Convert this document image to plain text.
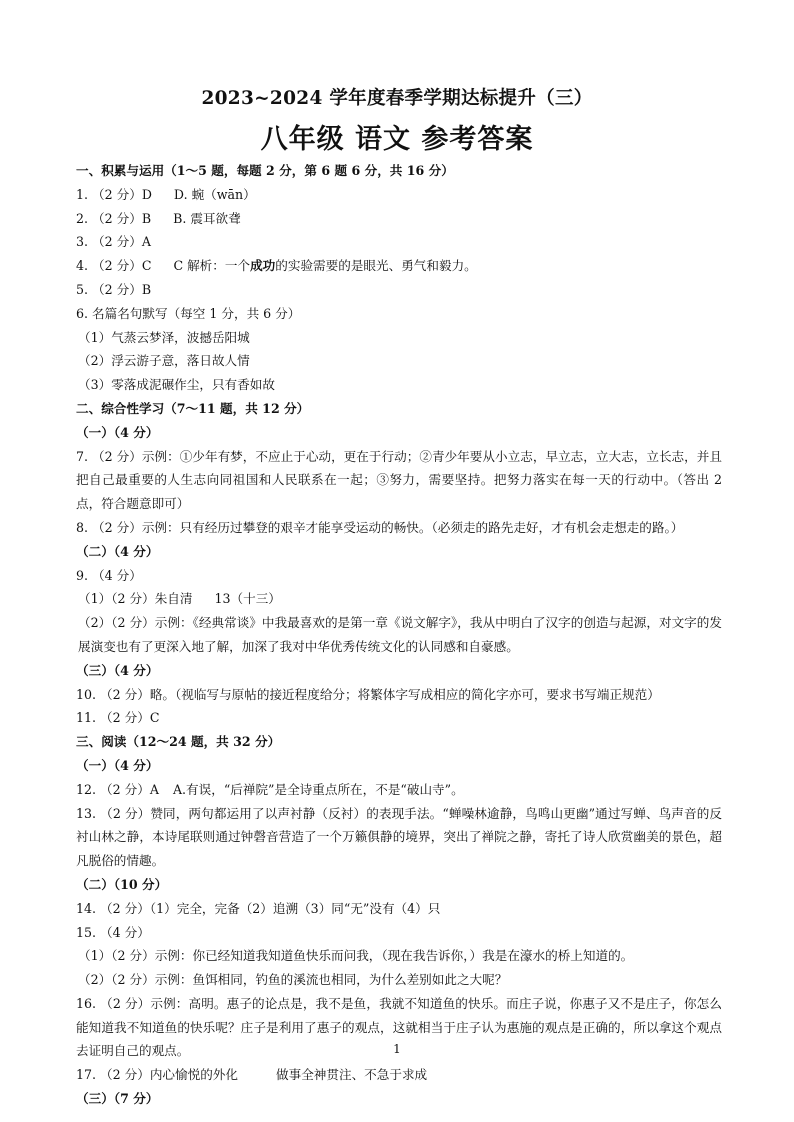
2023~2024 学年度春季学期达标提升（三）
八年级 语文 参考答案
一、积累与运用（1～5 题，每题 2 分，第 6 题 6 分，共 16 分）
1. （2 分）D D. 蜿（wān）
2. （2 分）B B. 震耳欲聋
3. （2 分）A
4. （2 分）C C 解析：一个成功的实验需要的是眼光、勇气和毅力。
5. （2 分）B
6. 名篇名句默写（每空 1 分，共 6 分）
（1）气蒸云梦泽，波撼岳阳城
（2）浮云游子意，落日故人情
（3）零落成泥碾作尘，只有香如故
二、综合性学习（7～11 题，共 12 分）
（一）（4 分）
7. （2 分）示例：①少年有梦，不应止于心动，更在于行动；②青少年要从小立志，早立志，立大志，立长志，并且把自己最重要的人生志向同祖国和人民联系在一起；③努力，需要坚持。把努力落实在每一天的行动中。（答出 2 点，符合题意即可）
8. （2 分）示例：只有经历过攀登的艰辛才能享受运动的畅快。（必须走的路先走好，才有机会走想走的路。）
（二）（4 分）
9. （4 分）
（1）（2 分）朱自清 13（十三）
（2）（2 分）示例：《经典常谈》中我最喜欢的是第一章《说文解字》，我从中明白了汉字的创造与起源，对文字的发展演变也有了更深入地了解，加深了我对中华优秀传统文化的认同感和自豪感。
（三）（4 分）
10. （2 分）略。（视临写与原帖的接近程度给分；将繁体字写成相应的简化字亦可，要求书写端正规范）
11. （2 分）C
三、阅读（12～24 题，共 32 分）
（一）（4 分）
12. （2 分）A A.有误，“后禅院”是全诗重点所在，不是“破山寺”。
13. （2 分）赞同，两句都运用了以声衬静（反衬）的表现手法。“蝉噪林逾静，鸟鸣山更幽”通过写蝉、鸟声音的反衬山林之静，本诗尾联则通过钟磬音营造了一个万籁俱静的境界，突出了禅院之静，寄托了诗人欣赏幽美的景色，超凡脱俗的情趣。
（二）（10 分）
14. （2 分）（1）完全，完备（2）追溯（3）同“无”没有（4）只
15. （4 分）
（1）（2 分）示例：你已经知道我知道鱼快乐而问我，（现在我告诉你，）我是在濠水的桥上知道的。
（2）（2 分）示例：鱼饵相同，钓鱼的溪流也相同，为什么差别如此之大呢？
16. （2 分）示例：高明。惠子的论点是，我不是鱼，我就不知道鱼的快乐。而庄子说，你惠子又不是庄子，你怎么能知道我不知道鱼的快乐呢？庄子是利用了惠子的观点，这就相当于庄子认为惠施的观点是正确的，所以拿这个观点去证明自己的观点。
17. （2 分）内心愉悦的外化	做事全神贯注、不急于求成
（三）（7 分）
1
